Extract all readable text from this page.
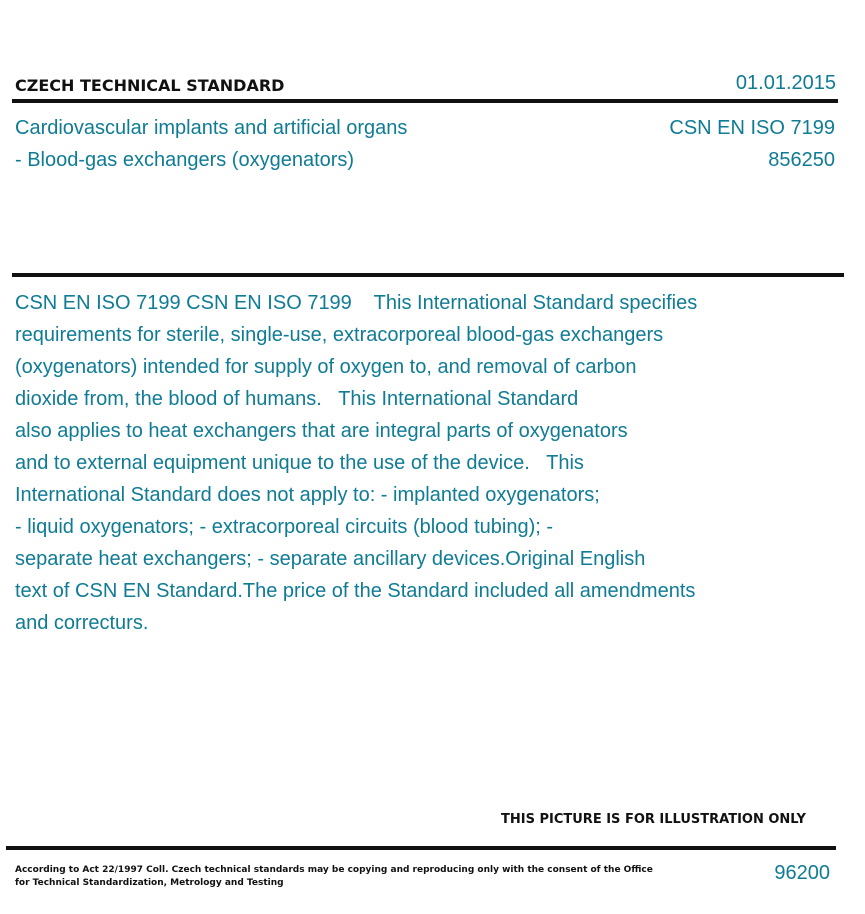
CZECH TECHNICAL STANDARD	01.01.2015
Cardiovascular implants and artificial organs
- Blood-gas exchangers (oxygenators)
CSN EN ISO 7199
856250
CSN EN ISO 7199 CSN EN ISO 7199    This International Standard specifies
requirements for sterile, single-use, extracorporeal blood-gas exchangers
(oxygenators) intended for supply of oxygen to, and removal of carbon
dioxide from, the blood of humans.   This International Standard
also applies to heat exchangers that are integral parts of oxygenators
and to external equipment unique to the use of the device.   This
International Standard does not apply to: - implanted oxygenators;
- liquid oxygenators; - extracorporeal circuits (blood tubing); -
separate heat exchangers; - separate ancillary devices.Original English
text of CSN EN Standard.The price of the Standard included all amendments
and correcturs.
THIS PICTURE IS FOR ILLUSTRATION ONLY
According to Act 22/1997 Coll. Czech technical standards may be copying and reproducing only with the consent of the Office
for Technical Standardization, Metrology and Testing	96200
